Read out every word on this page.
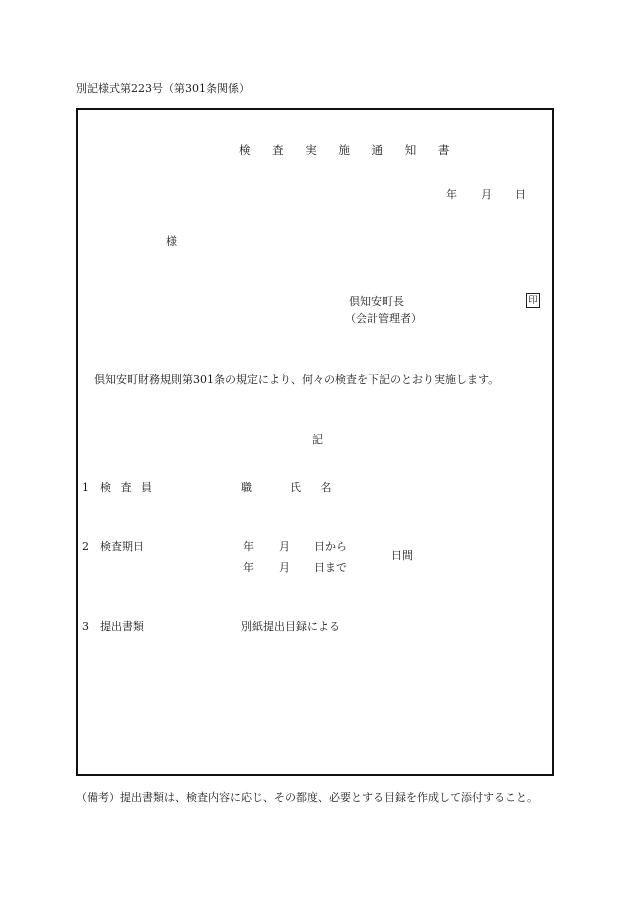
別記様式第223号（第301条関係）
検 査 実 施 通 知 書
年 月 日
様
倶知安町長
（会計管理者）
印
倶知安町財務規則第301条の規定により、何々の検査を下記のとおり実施します。
記
1 検 査 員	職	氏 名
2 検査期日	年 月 日から
年 月 日まで
日間
3 提出書類	別紙提出目録による
（備考）提出書類は、検査内容に応じ、その都度、必要とする目録を作成して添付すること。
